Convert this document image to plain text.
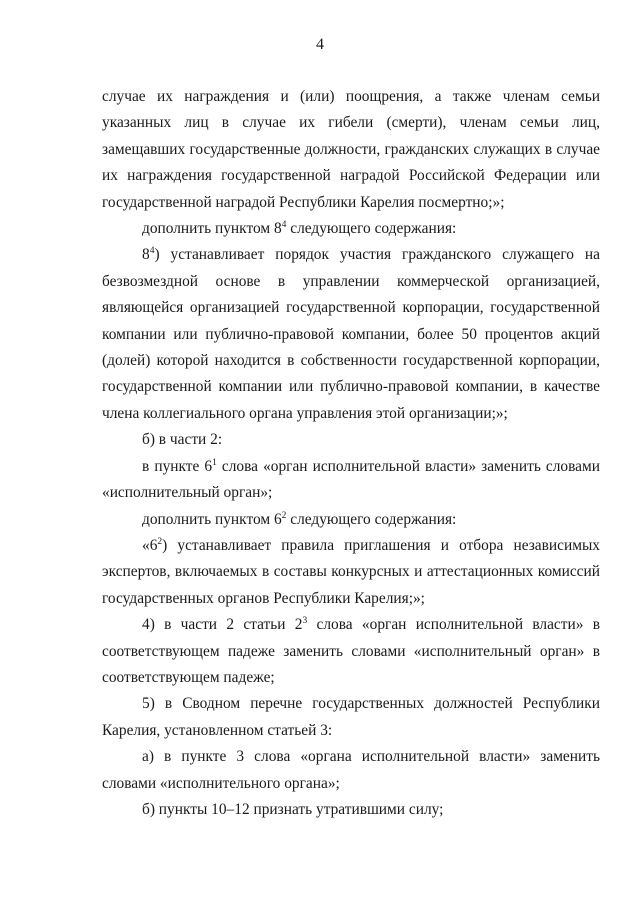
4

случае их награждения и (или) поощрения, а также членам семьи указанных лиц в случае их гибели (смерти), членам семьи лиц, замещавших государственные должности, гражданских служащих в случае их награждения государственной наградой Российской Федерации или государственной наградой Республики Карелия посмертно;»;

дополнить пунктом $8^4$ следующего содержания:

$8^4$) устанавливает порядок участия гражданского служащего на безвозмездной основе в управлении коммерческой организацией, являющейся организацией государственной корпорации, государственной компании или публично-правовой компании, более 50 процентов акций (долей) которой находится в собственности государственной корпорации, государственной компании или публично-правовой компании, в качестве члена коллегиального органа управления этой организации;»;

б) в части 2:

в пункте $6^1$ слова «орган исполнительной власти» заменить словами «исполнительный орган»;

дополнить пунктом $6^2$ следующего содержания:

«$6^2$) устанавливает правила приглашения и отбора независимых экспертов, включаемых в составы конкурсных и аттестационных комиссий государственных органов Республики Карелия;»;

4) в части 2 статьи $2^3$ слова «орган исполнительной власти» в соответствующем падеже заменить словами «исполнительный орган» в соответствующем падеже;

5) в Сводном перечне государственных должностей Республики Карелия, установленном статьей 3:

а) в пункте 3 слова «органа исполнительной власти» заменить словами «исполнительного органа»;

б) пункты 10–12 признать утратившими силу;
